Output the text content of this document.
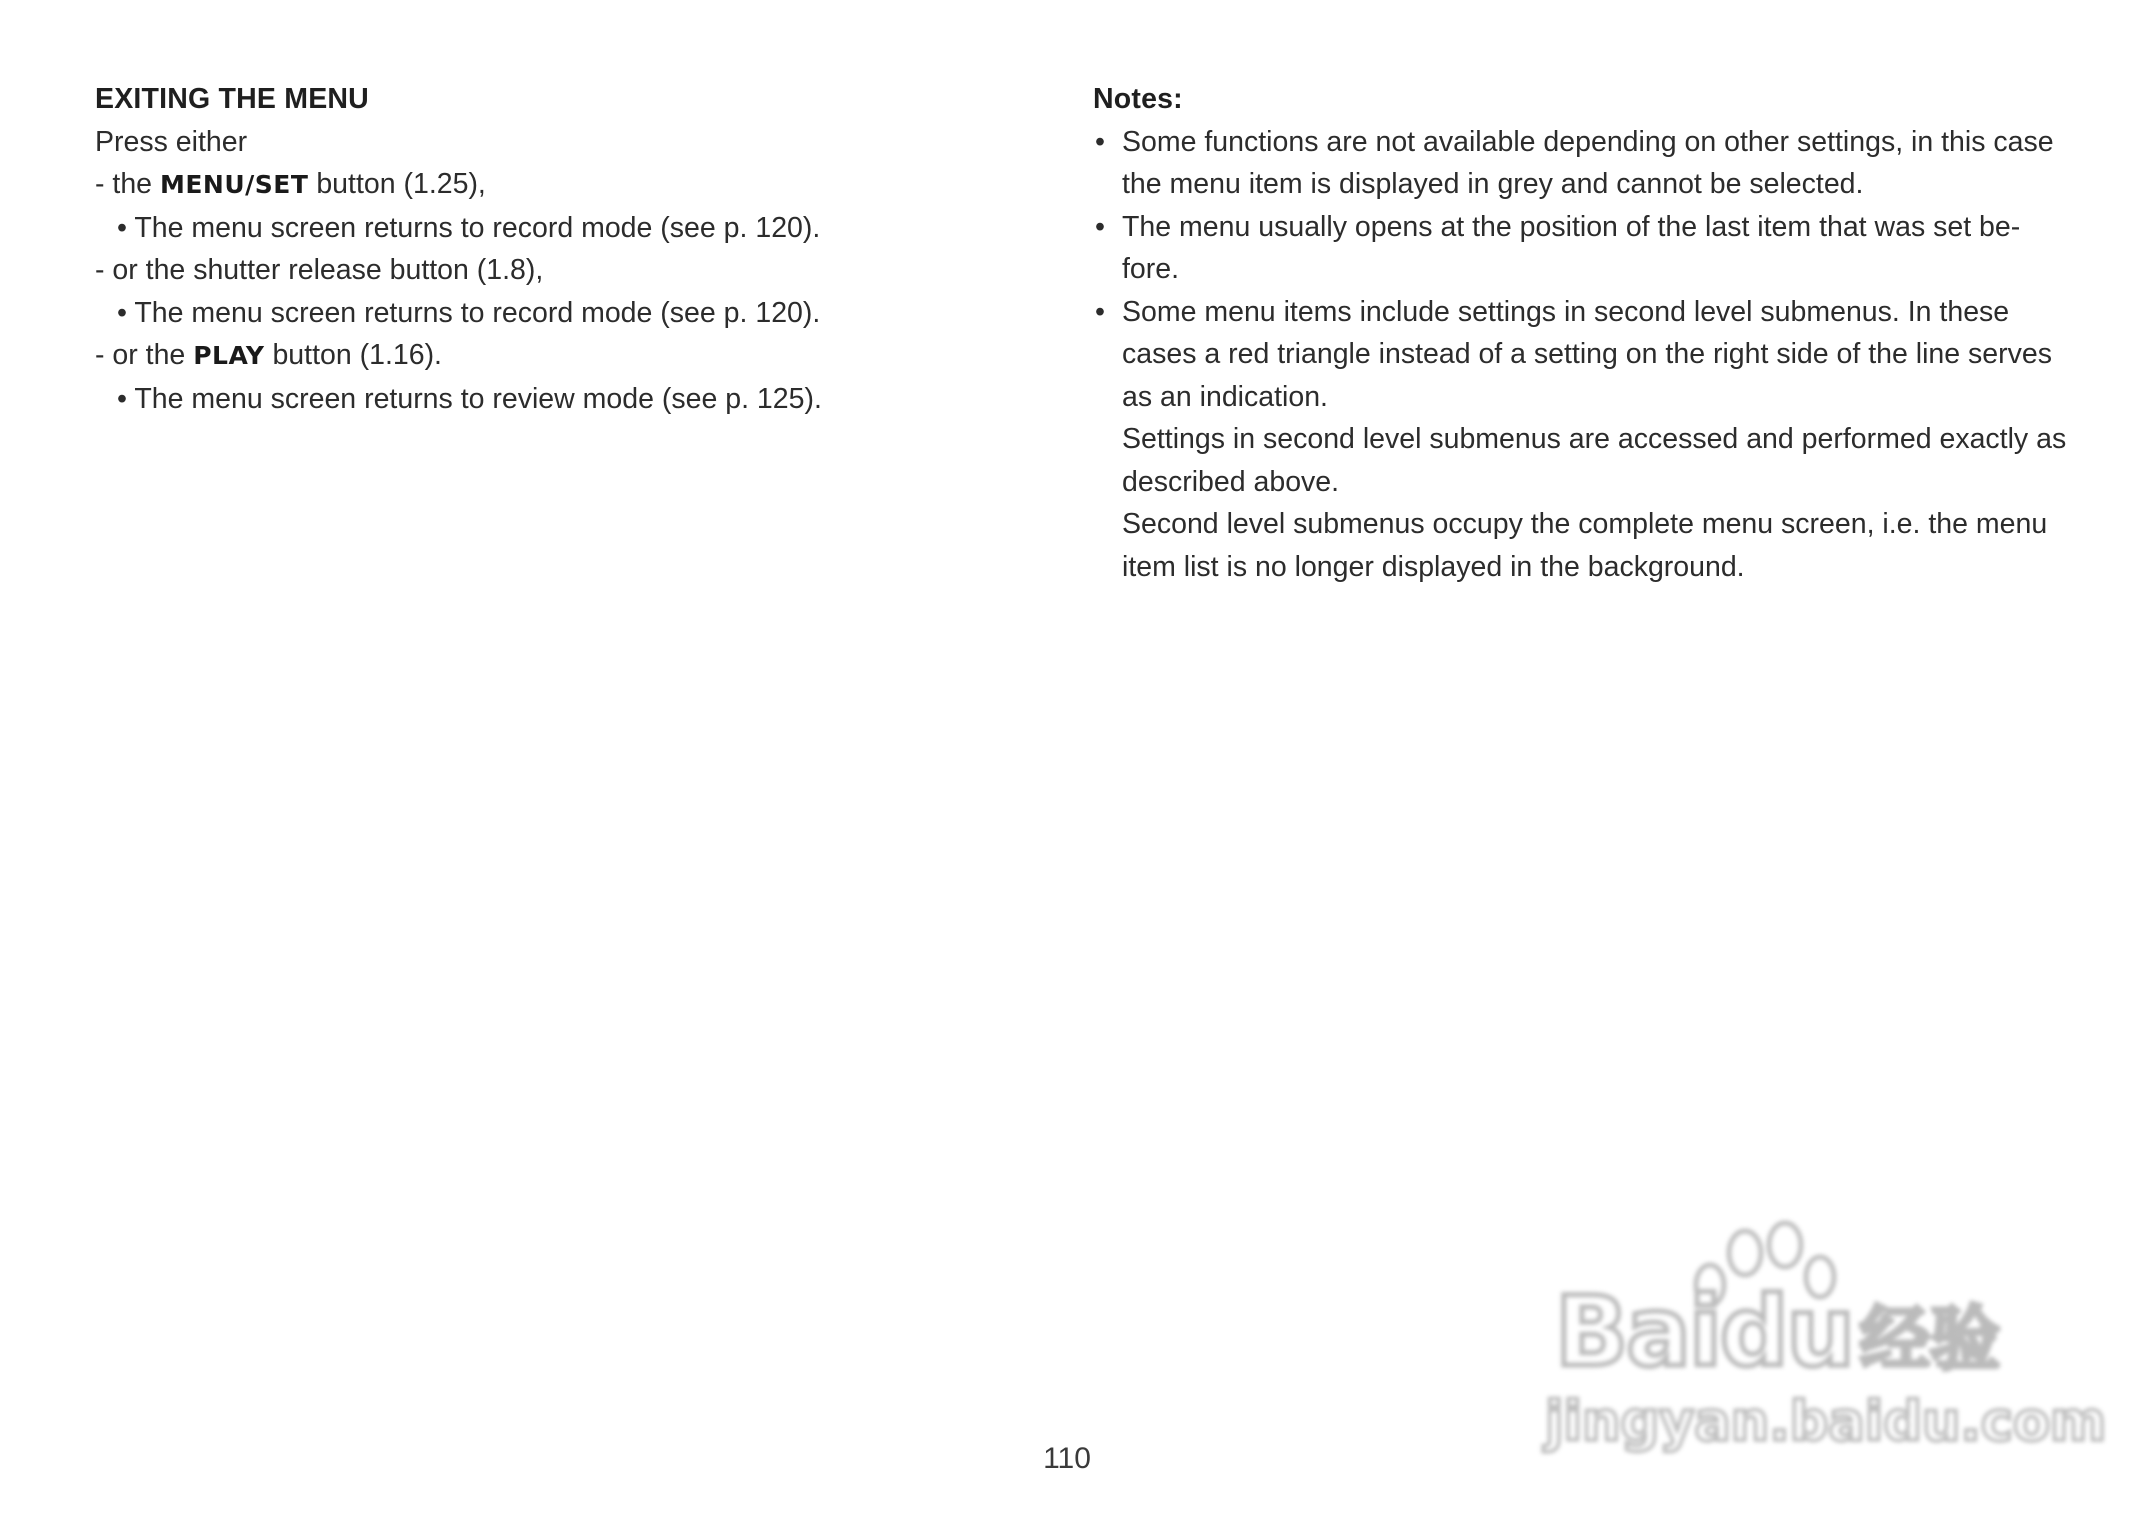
EXITING THE MENU
Press either
- the MENU/SET button (1.25),
• The menu screen returns to record mode (see p. 120).
- or the shutter release button (1.8),
• The menu screen returns to record mode (see p. 120).
- or the PLAY button (1.16).
• The menu screen returns to review mode (see p. 125).
Notes:
• Some functions are not available depending on other settings, in this case
the menu item is displayed in grey and cannot be selected.
• The menu usually opens at the position of the last item that was set be-
fore.
• Some menu items include settings in second level submenus. In these
cases a red triangle instead of a setting on the right side of the line serves
as an indication.
Settings in second level submenus are accessed and performed exactly as
described above.
Second level submenus occupy the complete menu screen, i.e. the menu
item list is no longer displayed in the background.
110
Baidu 经验
jingyan.baidu.com
